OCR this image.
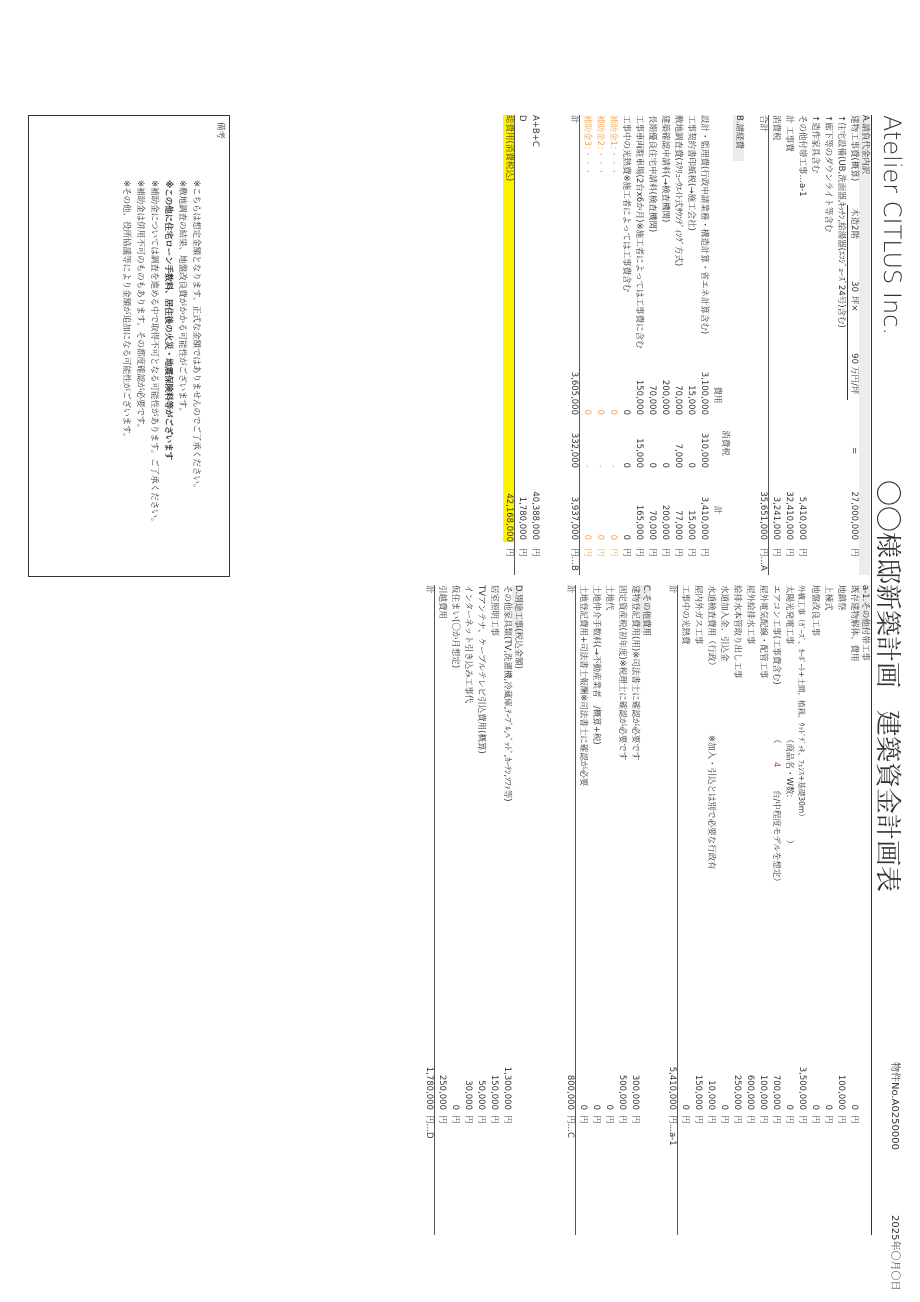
Atelier CITLUS Inc.
〇〇様邸新築計画
建築資金計画表
物件No.A0250000
2025年〇月〇日
A.請負代金内訳
建物工事費(概算)
木造2階
30
坪×
90
万円/坪
=
27,000,000
円
↑住宅設備(UB,洗面器,ｷｯﾁﾝ,給湯器(ｴｺｼﾞｮｰｽﾞ24号)含む)
↑廊下等のダウンライト等含む
↑造作家具含む
その他付帯工事…a-1
5,410,000
円
計 工事費
32,410,000
円
消費税
3,241,000
円
合計
35,651,000
円…A
B.諸経費
費用
消費税
計
設計・監理費(行政申請業務・構造計算・省エネ計算含む)
3,100,000
310,000
3,410,000
円
工事契約書印紙税(→施工会社)
15,000
0
15,000
円
敷地調査費(ｽｸﾘｭｰｳｴｲﾄ式ｻｳﾝﾃﾞｨﾝｸﾞ方式)
70,000
7,000
77,000
円
建築確認申請料(→検査機関)
200,000
0
200,000
円
長期優良住宅申請料(検査機関)
70,000
0
70,000
円
工事車両駐車場(2台x6か月)※施工者によっては工事費に含む
150,000
15,000
165,000
円
工事中の光熱費※施工者によっては工事費含む
0
0
0
円
補助金1：・・・
0
-
0
円
補助金2：・・・
0
-
0
円
補助金3：・・・
0
-
0
円
計
3,605,000
332,000
3,937,000
円…B
A+B+C
40,388,000
円
D
1,780,000
円
総費用(消費税込)
42,168,000
円
備考
※こちらは想定金額となります。正式な金額ではありませんのでご了承ください。
※敷地調査の結果、地盤改良費がかかる可能性がございます。
※この他に住宅ローン手数料、居住後の火災・地震保険料等がございます
※補助金については調査を進める中で取得不可となる可能性があります。ご了承ください。
※補助金は併用不可のものもあります。その都度確認が必要です。
※その他、役所協議等により金額が追加になる可能性がございます。
a-1.その他付帯工事
既存建物解体、費用
0
円
地鎮祭
100,000
円
上棟式
0
円
地盤改良工事
0
円
外構工事（ｶﾞｰｽﾞ、ｶｰﾎﾟｰﾄ+土間、植栽、ｳｯﾄﾞﾃﾞｯｷ、ﾌｪﾝｽ+基礎30m）
3,500,000
円
太陽光発電工事
（商品名・W数:　　　　　）
0
円
エアコン工事(工事費含む)
（
4
台/中程度モデルを想定）
700,000
円
屋外電気配線・配管工事
100,000
円
屋外給排水工事
600,000
円
給排水本管取り出し工事
250,000
円
水道加入金、引込金
0
円
水道検査費用（行政）
※加入・引込とは別で必要な行政有
10,000
円
屋内外ガス工事
150,000
円
工事中の光熱費
0
円
計
5,410,000
円…a-1
C.その他費用
建物登記費用(用)※司法書士に確認が必要です
300,000
円
固定資産税(初年度)※税理士に確認が必要です
500,000
円
土地代
0
円
土地仲介手数料(→不動産業者　/概算+税)
0
円
土地登記費用+司法書士報酬※司法書士に確認が必要
0
円
計
800,000
円…C
D.別途工事(税込金額)
その他家具類(TV,洗濯機,冷蔵庫,ﾃｰﾌﾞﾙ,ﾍﾞｯﾄﾞ,ｶｰﾃﾝ,ｿﾌｧ等)
1,300,000
円
居室照明工事
150,000
円
TVアンテナ、ケーブルテレビ引込費用(概算)
50,000
円
インターネット引き込み工事代
30,000
円
仮住まい(〇か月想定)
0
円
引越費用
250,000
円
計
1,780,000
円…D
